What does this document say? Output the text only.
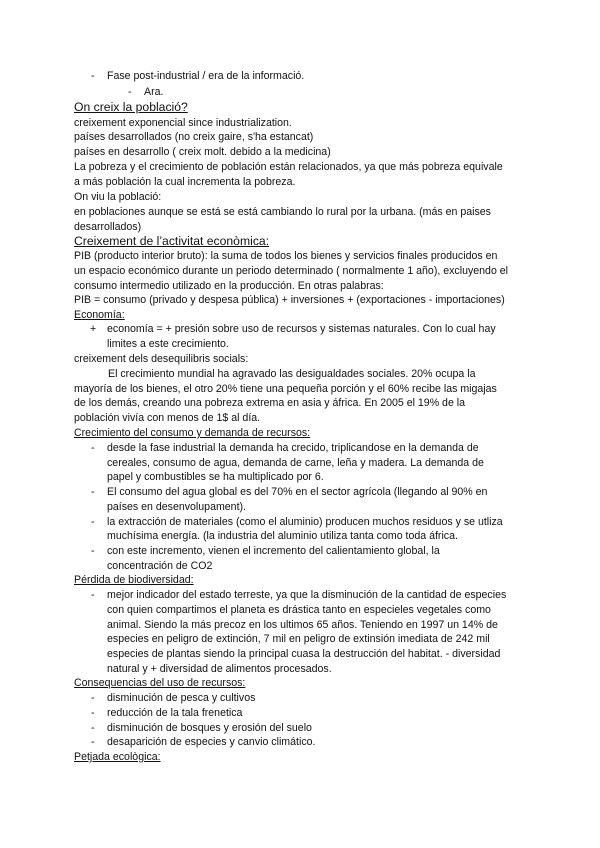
- Fase post-industrial / era de la informació.
- Ara.
On creix la població?
creixement exponencial since industrialization.
países desarrollados (no creix gaire, s'ha estancat)
países en desarrollo ( creix molt. debido a la medicina)
La pobreza y el crecimiento de población están relacionados, ya que más pobreza equivale
a más población la cual incrementa la pobreza.
On viu la població:
en poblaciones aunque se está se está cambiando lo rural por la urbana. (más en paises
desarrollados)
Creixement de l’activitat econòmica:
PIB (producto interior bruto): la suma de todos los bienes y servicios finales producidos en
un espacio económico durante un periodo determinado ( normalmente 1 año), excluyendo el
consumo intermedio utilizado en la producción. En otras palabras:
PIB = consumo (privado y despesa pública) + inversiones + (exportaciones - importaciones)
Economía:
+ economía = + presión sobre uso de recursos y sistemas naturales. Con lo cual hay
limites a este crecimiento.
creixement dels desequilibris socials:
El crecimiento mundial ha agravado las desigualdades sociales. 20% ocupa la
mayoría de los bienes, el otro 20% tiene una pequeña porción y el 60% recibe las migajas
de los demás, creando una pobreza extrema en asia y áfrica. En 2005 el 19% de la
población vivía con menos de 1$ al día.
Crecimiento del consumo y demanda de recursos:
- desde la fase industrial la demanda ha crecido, triplicandose en la demanda de
cereales, consumo de agua, demanda de carne, leña y madera. La demanda de
papel y combustibles se ha multiplicado por 6.
- El consumo del agua global es del 70% en el sector agrícola (llegando al 90% en
países en desenvolupament).
- la extracción de materiales (como el aluminio) producen muchos residuos y se utliza
muchísima energía. (la industria del aluminio utiliza tanta como toda áfrica.
- con este incremento, vienen el incremento del calientamiento global, la
concentración de CO2
Pérdida de biodiversidad:
- mejor indicador del estado terreste, ya que la disminución de la cantidad de especies
con quien compartimos el planeta es drástica tanto en especieles vegetales como
animal. Siendo la más precoz en los ultimos 65 años. Teniendo en 1997 un 14% de
especies en peligro de extinción, 7 mil en peligro de extinsión imediata de 242 mil
especies de plantas siendo la principal cuasa la destrucción del habitat. - diversidad
natural y + diversidad de alimentos procesados.
Consequencias del uso de recursos:
- disminución de pesca y cultivos
- reducción de la tala frenetica
- disminución de bosques y erosión del suelo
- desaparición de especies y canvio climático.
Petjada ecològica:
